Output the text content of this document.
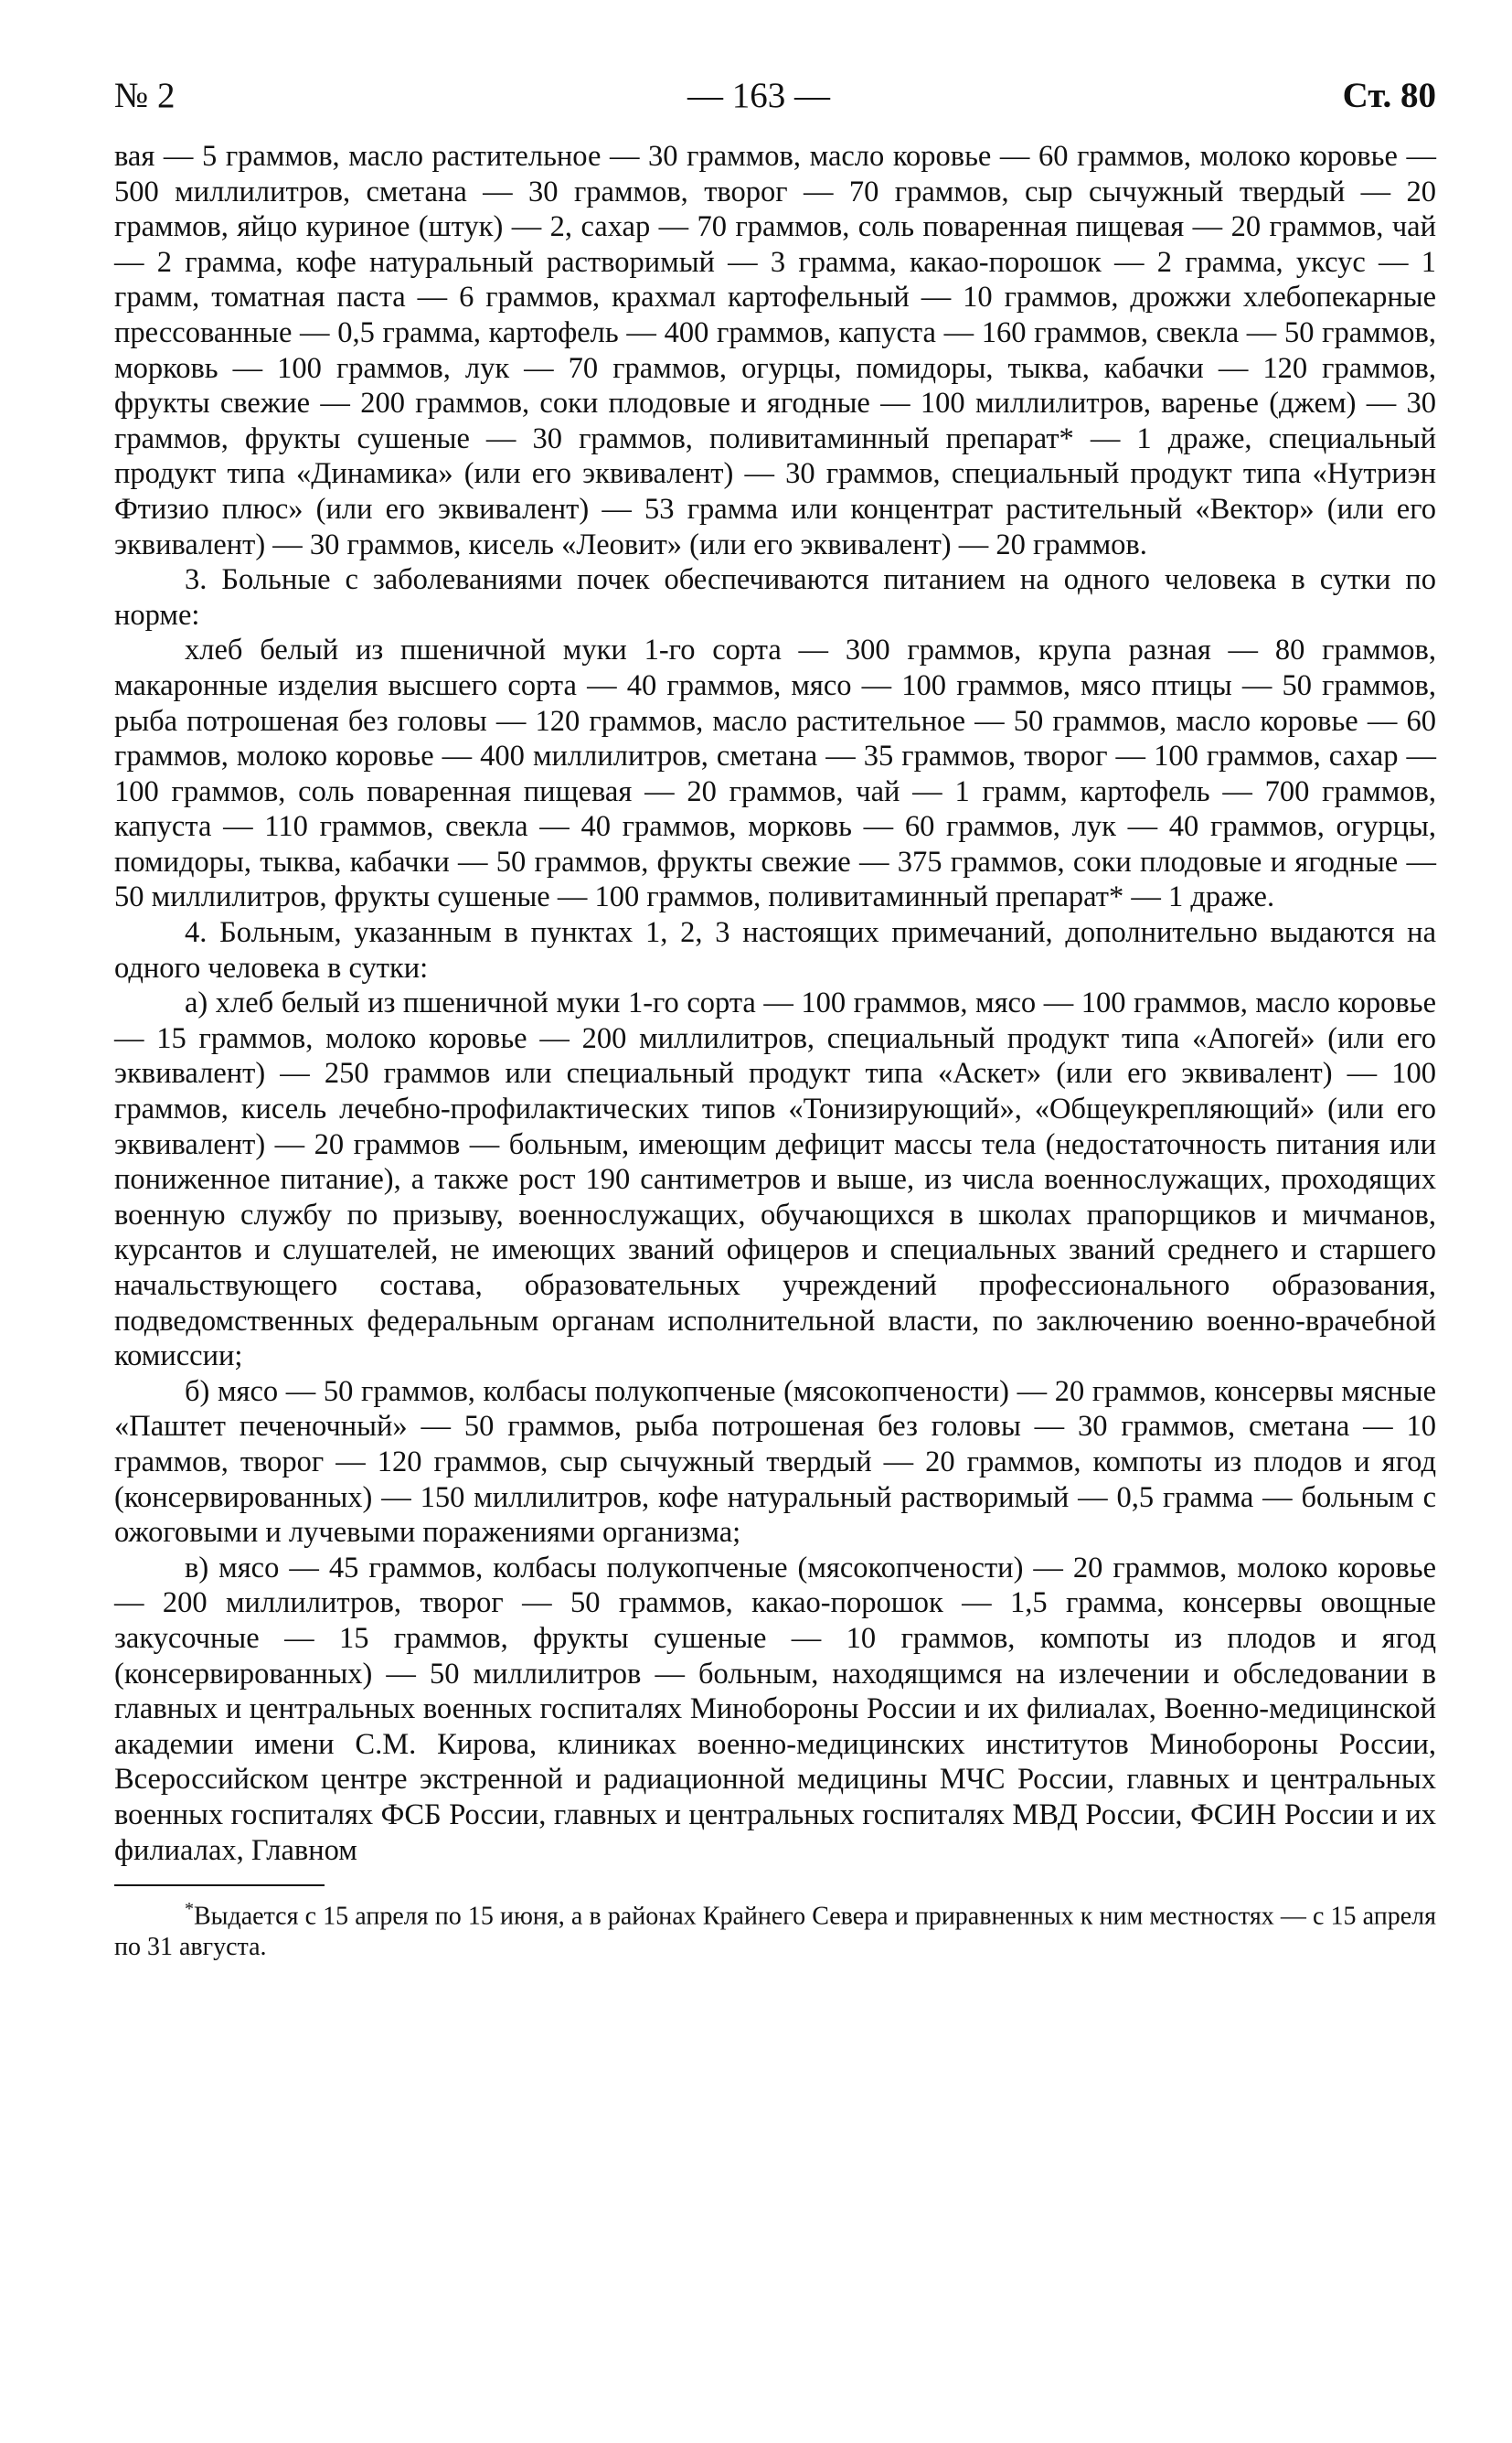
№ 2	— 163 —	Ст. 80

вая — 5 граммов, масло растительное — 30 граммов, масло коровье — 60 граммов, молоко коровье — 500 миллилитров, сметана — 30 граммов, творог — 70 граммов, сыр сычужный твердый — 20 граммов, яйцо куриное (штук) — 2, сахар — 70 граммов, соль поваренная пищевая — 20 граммов, чай — 2 грамма, кофе натуральный растворимый — 3 грамма, какао-порошок — 2 грамма, уксус — 1 грамм, томатная паста — 6 граммов, крахмал картофельный — 10 граммов, дрожжи хлебопекарные прессованные — 0,5 грамма, картофель — 400 граммов, капуста — 160 граммов, свекла — 50 граммов, морковь — 100 граммов, лук — 70 граммов, огурцы, помидоры, тыква, кабачки — 120 граммов, фрукты свежие — 200 граммов, соки плодовые и ягодные — 100 миллилитров, варенье (джем) — 30 граммов, фрукты сушеные — 30 граммов, поливитаминный препарат* — 1 драже, специальный продукт типа «Динамика» (или его эквивалент) — 30 граммов, специальный продукт типа «Нутриэн Фтизио плюс» (или его эквивалент) — 53 грамма или концентрат растительный «Вектор» (или его эквивалент) — 30 граммов, кисель «Леовит» (или его эквивалент) — 20 граммов.

3. Больные с заболеваниями почек обеспечиваются питанием на одного человека в сутки по норме:

хлеб белый из пшеничной муки 1-го сорта — 300 граммов, крупа разная — 80 граммов, макаронные изделия высшего сорта — 40 граммов, мясо — 100 граммов, мясо птицы — 50 граммов, рыба потрошеная без головы — 120 граммов, масло растительное — 50 граммов, масло коровье — 60 граммов, молоко коровье — 400 миллилитров, сметана — 35 граммов, творог — 100 граммов, сахар — 100 граммов, соль поваренная пищевая — 20 граммов, чай — 1 грамм, картофель — 700 граммов, капуста — 110 граммов, свекла — 40 граммов, морковь — 60 граммов, лук — 40 граммов, огурцы, помидоры, тыква, кабачки — 50 граммов, фрукты свежие — 375 граммов, соки плодовые и ягодные — 50 миллилитров, фрукты сушеные — 100 граммов, поливитаминный препарат* — 1 драже.

4. Больным, указанным в пунктах 1, 2, 3 настоящих примечаний, дополнительно выдаются на одного человека в сутки:

а) хлеб белый из пшеничной муки 1-го сорта — 100 граммов, мясо — 100 граммов, масло коровье — 15 граммов, молоко коровье — 200 миллилитров, специальный продукт типа «Апогей» (или его эквивалент) — 250 граммов или специальный продукт типа «Аскет» (или его эквивалент) — 100 граммов, кисель лечебно-профилактических типов «Тонизирующий», «Общеукрепляющий» (или его эквивалент) — 20 граммов — больным, имеющим дефицит массы тела (недостаточность питания или пониженное питание), а также рост 190 сантиметров и выше, из числа военнослужащих, проходящих военную службу по призыву, военнослужащих, обучающихся в школах прапорщиков и мичманов, курсантов и слушателей, не имеющих званий офицеров и специальных званий среднего и старшего начальствующего состава, образовательных учреждений профессионального образования, подведомственных федеральным органам исполнительной власти, по заключению военно-врачебной комиссии;

б) мясо — 50 граммов, колбасы полукопченые (мясокопчености) — 20 граммов, консервы мясные «Паштет печеночный» — 50 граммов, рыба потрошеная без головы — 30 граммов, сметана — 10 граммов, творог — 120 граммов, сыр сычужный твердый — 20 граммов, компоты из плодов и ягод (консервированных) — 150 миллилитров, кофе натуральный растворимый — 0,5 грамма — больным с ожоговыми и лучевыми поражениями организма;

в) мясо — 45 граммов, колбасы полукопченые (мясокопчености) — 20 граммов, молоко коровье — 200 миллилитров, творог — 50 граммов, какао-порошок — 1,5 грамма, консервы овощные закусочные — 15 граммов, фрукты сушеные — 10 граммов, компоты из плодов и ягод (консервированных) — 50 миллилитров — больным, находящимся на излечении и обследовании в главных и центральных военных госпиталях Минобороны России и их филиалах, Военно-медицинской академии имени С.М. Кирова, клиниках военно-медицинских институтов Минобороны России, Всероссийском центре экстренной и радиационной медицины МЧС России, главных и центральных военных госпиталях ФСБ России, главных и центральных госпиталях МВД России, ФСИН России и их филиалах, Главном

*Выдается с 15 апреля по 15 июня, а в районах Крайнего Севера и приравненных к ним местностях — с 15 апреля по 31 августа.
